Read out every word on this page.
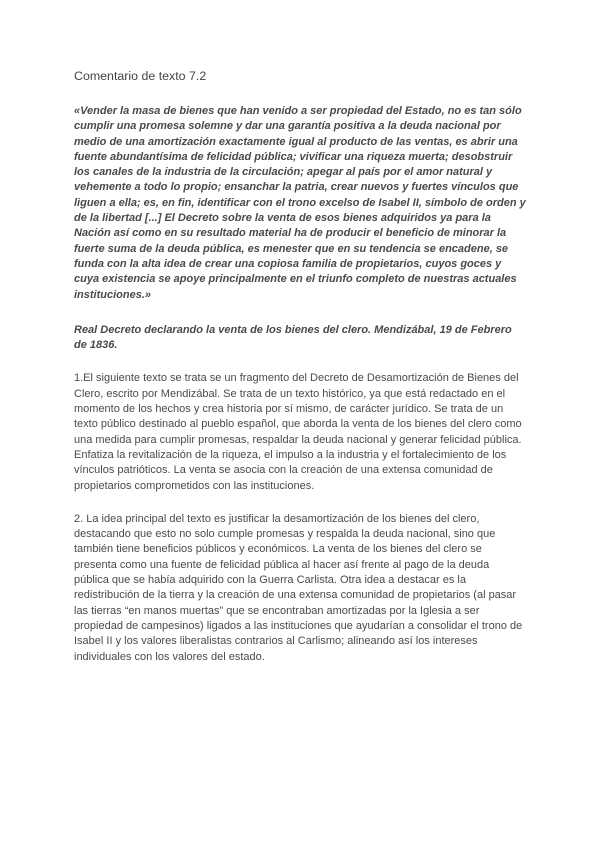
Comentario de texto 7.2
«Vender la masa de bienes que han venido a ser propiedad del Estado, no es tan sólo cumplir una promesa solemne y dar una garantía positiva a la deuda nacional por medio de una amortización exactamente igual al producto de las ventas, es abrir una fuente abundantísima de felicidad pública; vivificar una riqueza muerta; desobstruir los canales de la industria de la circulación; apegar al país por el amor natural y vehemente a todo lo propio; ensanchar la patria, crear nuevos y fuertes vínculos que liguen a ella; es, en fin, identificar con el trono excelso de Isabel II, símbolo de orden y de la libertad [...] El Decreto sobre la venta de esos bienes adquiridos ya para la Nación así como en su resultado material ha de producir el beneficio de minorar la fuerte suma de la deuda pública, es menester que en su tendencia se encadene, se funda con la alta idea de crear una copiosa familia de propietarios, cuyos goces y cuya existencia se apoye principalmente en el triunfo completo de nuestras actuales instituciones.»
Real Decreto declarando la venta de los bienes del clero. Mendizábal, 19 de Febrero de 1836.
1.El siguiente texto se trata se un fragmento del Decreto de Desamortización de Bienes del Clero, escrito por Mendizábal. Se trata de un texto histórico, ya que está redactado en el momento de los hechos y crea historia por sí mismo, de carácter jurídico. Se trata de un texto público destinado al pueblo español, que aborda la venta de los bienes del clero como una medida para cumplir promesas, respaldar la deuda nacional y generar felicidad pública. Enfatiza la revitalización de la riqueza, el impulso a la industria y el fortalecimiento de los vínculos patrióticos. La venta se asocia con la creación de una extensa comunidad de propietarios comprometidos con las instituciones.
2. La idea principal del texto es justificar la desamortización de los bienes del clero, destacando que esto no solo cumple promesas y respalda la deuda nacional, sino que también tiene beneficios públicos y económicos. La venta de los bienes del clero se presenta como una fuente de felicidad pública al hacer así frente al pago de la deuda pública que se había adquirido con la Guerra Carlista. Otra idea a destacar es la redistribución de la tierra y la creación de una extensa comunidad de propietarios (al pasar las tierras “en manos muertas” que se encontraban amortizadas por la Iglesia a ser propiedad de campesinos) ligados a las instituciones que ayudarían a consolidar el trono de Isabel II y los valores liberalistas contrarios al Carlismo; alineando así los intereses individuales con los valores del estado.
